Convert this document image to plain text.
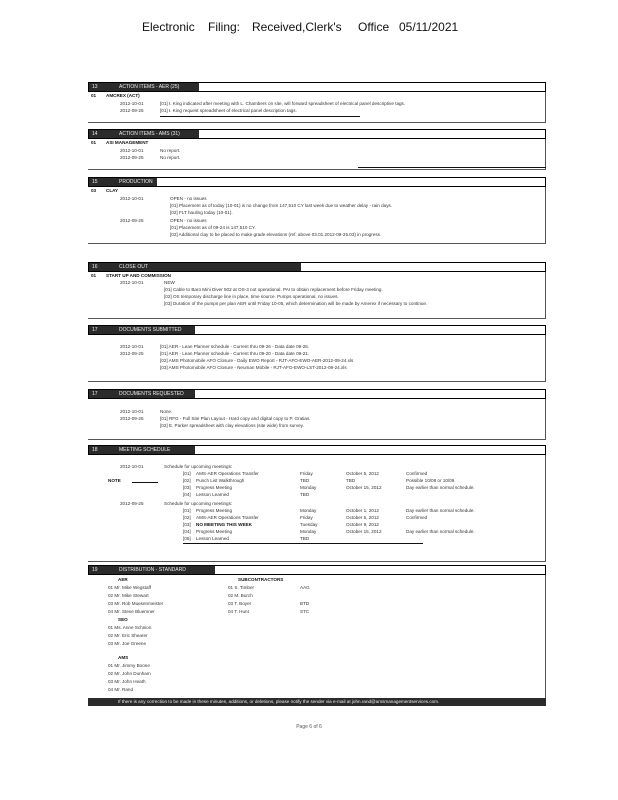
Electronic Filing: Received,Clerk's Office 05/11/2021
13	ACTION ITEMS - AER (25)
01 AMCREX (ACT)
2012-10-01	[01] I. King indicated after meeting with L. Chambers on site, will forward spreadsheet of electrical panel descriptive tags.
2012-09-25	[01] I. King request spreadsheet of electrical panel description tags.
14	ACTION ITEMS - AMS (31)
01 ASI MANAGEMENT
2012-10-01	No report.
2012-09-25	No report.
15	PRODUCTION
03 CLAY
2012-10-01	OPEN - no issues
[01] Placement as of today (10-01) is no change from 147,510 CY last week due to weather delay - rain days.
[02] FLT hauling today (10-01).
2012-09-25	OPEN - no issues
[01] Placement as of 09-24 is 147,510 CY.
[02] Additional clay to be placed to make grade elevations (ref. above 03.01.2012-09-25.03) in progress.
16	CLOSE OUT
01 START UP AND COMMISSION
2012-10-01	NEW
[01] Cable to Baro Mini Diver 502 at OS-3 not operational. PAI to obtain replacement before Friday meeting.
[02] OS temporary discharge line in place, time source. Pumps operational, no issues.
[03] Duration of the pumps per plan AER until Friday 10-05, which determination will be made by Amerex if necessary to continue.
17	DOCUMENTS SUBMITTED
2012-10-01	[01] AER - Lean Planner schedule - Current thru 09-26 - Data date 09-26.
2012-09-25	[01] AER - Lean Planner schedule - Current thru 09-20 - Data date 09-21.
[02] AMS Photomobile AFO Closure - Daily EWO Report - RJT-AFO-EWO-AER-2012-09-24.xls
[03] AMS Photomobile AFO Closure - Neuman Mobile - RJT-AFO-EWO-LST-2012-09-24.xls
17	DOCUMENTS REQUESTED
2012-10-01	None.
2012-09-25	[01] RFG - Full Site Plan Layout - Hard copy and digital copy to P. Gratias.
[02] E. Parker spreadsheet with clay elevations (site wide) from survey.
18	MEETING SCHEDULE
2012-10-01	Schedule for upcoming meetings:
NOTE
[01] AMS-AER Operations Transfer	Friday	October 5, 2012	Confirmed
[02] Punch List Walkthrough	TBD	TBD	Possible 10/08 or 10/09.
[03] Progress Meeting	Monday	October 15, 2012	Day earlier than normal schedule.
[04] Lesson Learned	TBD
2012-09-25	Schedule for upcoming meetings:
[01] Progress Meeting	Monday	October 1, 2012	Day earlier than normal schedule.
[02] AMS-AER Operations Transfer	Friday	October 5, 2012	Confirmed
[03] NO MEETING THIS WEEK	Tuesday	October 9, 2012
[04] Progress Meeting	Monday	October 15, 2012	Day earlier than normal schedule.
[05] Lesson Learned	TBD
19	DISTRIBUTION - STANDARD
AER
01 Mr. Mike Wegstaff
02 Mr. Mike Stewart
03 Mr. Rob Muesenmeister
04 Mr. Steve Bluemner
SEO
01 Ms. Anne Schnion
02 Mr. Eric Shearer
03 Mr. Joe Greene
AMS
01 Mr. Jimmy Boone
02 Mr. John Dunham
03 Mr. John Heath
04 Mr. Rand
SUBCONTRACTORS
01 S. Timber	AAG
02 M. Burch
03 T. Boyer	BTD
04 T. Hunt	STC
If there is any correction to be made in these minutes, additions, or deletions, please notify the sender via e-mail at john.rand@amsmanagementservices.com.
Page 6 of 6
